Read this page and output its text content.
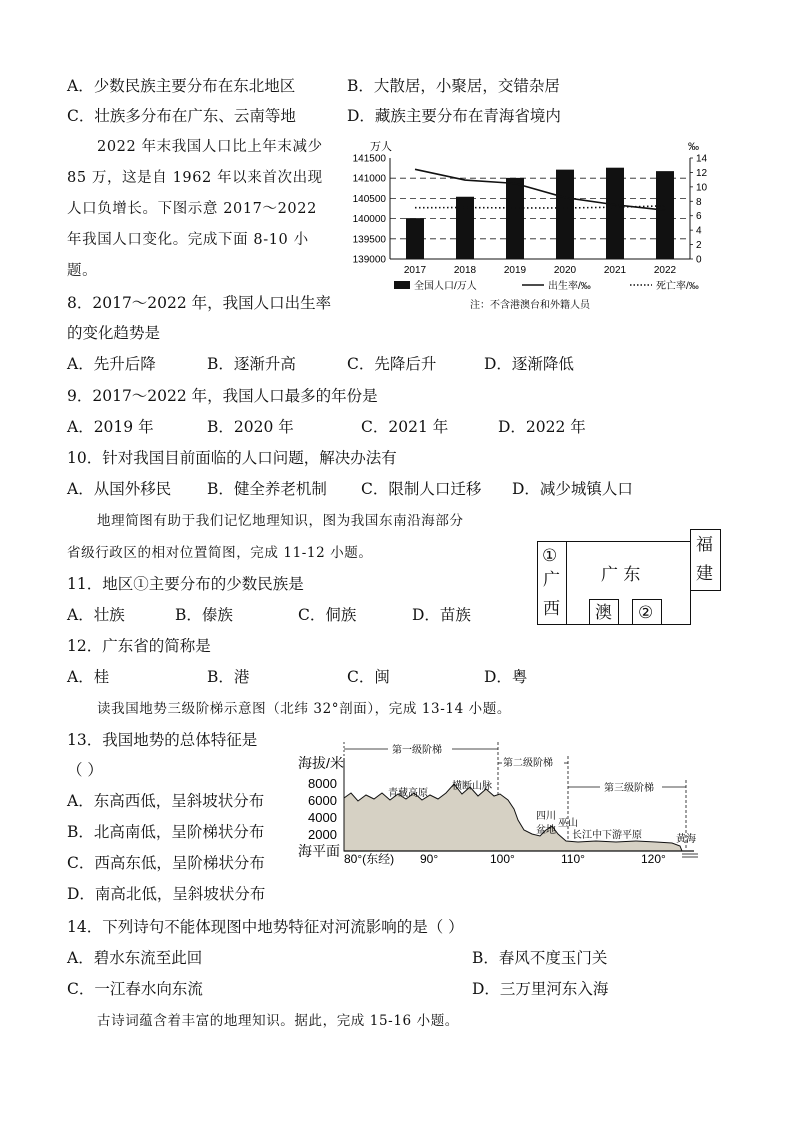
A．少数民族主要分布在东北地区	B．大散居，小聚居，交错杂居
C．壮族多分布在广东、云南等地	D．藏族主要分布在青海省境内
2022 年末我国人口比上年末减少
85 万，这是自 1962 年以来首次出现
人口负增长。下图示意 2017～2022
年我国人口变化。完成下面 8-10 小
题。
万人	‰
141500
141000
140500
140000
139500
139000
14
12
10
8
6
4
2
0
2017	2018	2019	2020	2021	2022
全国人口/万人	出生率/‰	死亡率/‰
注：不含港澳台和外籍人员
8．2017～2022 年，我国人口出生率
的变化趋势是
A．先升后降	B．逐渐升高	C．先降后升	D．逐渐降低
9．2017～2022 年，我国人口最多的年份是
A．2019 年	B．2020 年	C．2021 年	D．2022 年
10．针对我国目前面临的人口问题，解决办法有
A．从国外移民 B．健全养老机制 C．限制人口迁移 D．减少城镇人口
地理简图有助于我们记忆地理知识，图为我国东南沿海部分
省级行政区的相对位置简图，完成 11-12 小题。	①
广
西
广 东
澳 ②
福
建
11．地区①主要分布的少数民族是
A．壮族	B．傣族	C．侗族	D．苗族
12．广东省的简称是
A．桂	B．港	C．闽	D．粤
读我国地势三级阶梯示意图（北纬 32°剖面），完成 13-14 小题。
13．我国地势的总体特征是
（ ）
A．东高西低，呈斜坡状分布
B．北高南低，呈阶梯状分布
C．西高东低，呈阶梯状分布
D．南高北低，呈斜坡状分布
第一级阶梯
第二级阶梯
第三级阶梯
海拔/米
8000
6000
4000
2000
海平面
青藏高原
横断山脉
四川
盆地
巫山
长江中下游平原	黄海
80°(东经) 90°	100°	110°	120°
14．下列诗句不能体现图中地势特征对河流影响的是（ ）
A．碧水东流至此回	B．春风不度玉门关
C．一江春水向东流	D．三万里河东入海
古诗词蕴含着丰富的地理知识。据此，完成 15-16 小题。
